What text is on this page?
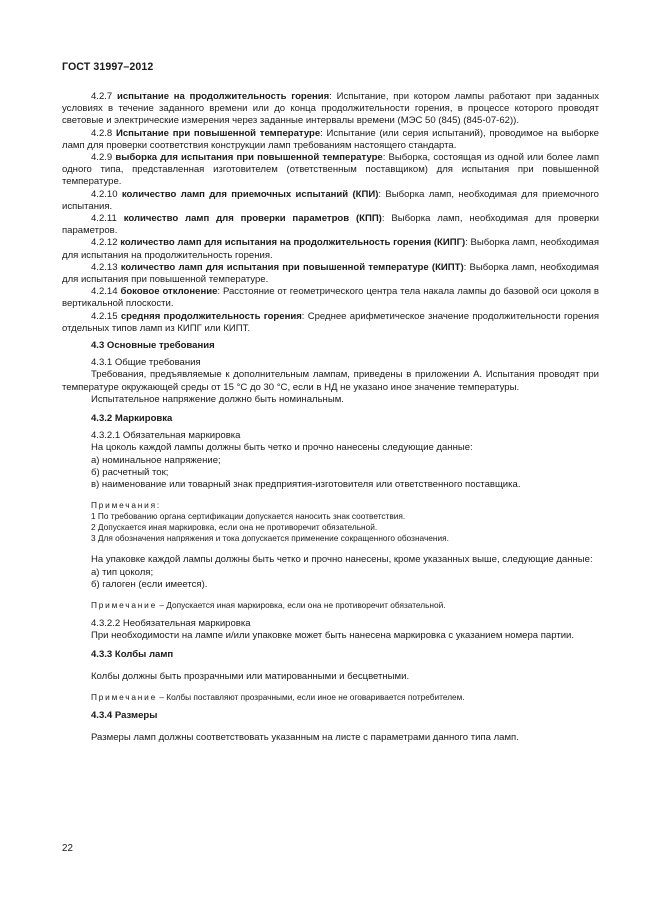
ГОСТ 31997–2012

4.2.7 испытание на продолжительность горения: Испытание, при котором лампы работают при заданных условиях в течение заданного времени или до конца продолжительности горения, в процессе которого проводят световые и электрические измерения через заданные интервалы времени (МЭС 50 (845) (845-07-62)).

4.2.8 Испытание при повышенной температуре: Испытание (или серия испытаний), проводимое на выборке ламп для проверки соответствия конструкции ламп требованиям настоящего стандарта.

4.2.9 выборка для испытания при повышенной температуре: Выборка, состоящая из одной или более ламп одного типа, представленная изготовителем (ответственным поставщиком) для испытания при повышенной температуре.

4.2.10 количество ламп для приемочных испытаний (КПИ): Выборка ламп, необходимая для приемочного испытания.

4.2.11 количество ламп для проверки параметров (КПП): Выборка ламп, необходимая для проверки параметров.

4.2.12 количество ламп для испытания на продолжительность горения (КИПГ): Выборка ламп, необходимая для испытания на продолжительность горения.

4.2.13 количество ламп для испытания при повышенной температуре (КИПТ): Выборка ламп, необходимая для испытания при повышенной температуре.

4.2.14 боковое отклонение: Расстояние от геометрического центра тела накала лампы до базовой оси цоколя в вертикальной плоскости.

4.2.15 средняя продолжительность горения: Среднее арифметическое значение продолжительности горения отдельных типов ламп из КИПГ или КИПТ.

4.3 Основные требования

4.3.1 Общие требования

Требования, предъявляемые к дополнительным лампам, приведены в приложении А. Испытания проводят при температуре окружающей среды от 15 °С до 30 °С, если в НД не указано иное значение температуры.

Испытательное напряжение должно быть номинальным.

4.3.2 Маркировка

4.3.2.1 Обязательная маркировка

На цоколь каждой лампы должны быть четко и прочно нанесены следующие данные:

а) номинальное напряжение;

б) расчетный ток;

в) наименование или товарный знак предприятия-изготовителя или ответственного поставщика.

Примечания:

1 По требованию органа сертификации допускается наносить знак соответствия.

2 Допускается иная маркировка, если она не противоречит обязательной.

3 Для обозначения напряжения и тока допускается применение сокращенного обозначения.

На упаковке каждой лампы должны быть четко и прочно нанесены, кроме указанных выше, следующие данные:

а) тип цоколя;

б) галоген (если имеется).

Примечание – Допускается иная маркировка, если она не противоречит обязательной.

4.3.2.2 Необязательная маркировка

При необходимости на лампе и/или упаковке может быть нанесена маркировка с указанием номера партии.

4.3.3 Колбы ламп

Колбы должны быть прозрачными или матированными и бесцветными.

Примечание – Колбы поставляют прозрачными, если иное не оговаривается потребителем.

4.3.4 Размеры

Размеры ламп должны соответствовать указанным на листе с параметрами данного типа ламп.

22
